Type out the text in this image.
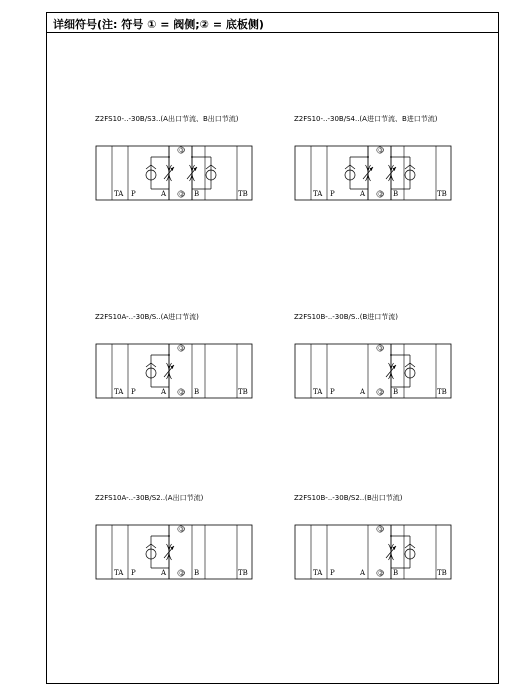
详细符号(注: 符号 ① = 阀侧;② = 底板侧)
Z2FS10-..-30B/S3..(A出口节流、B出口节流)
①
②
TA P	A	B	TB
Z2FS10-..-30B/S4..(A进口节流、B进口节流)
①
②
TA P	A	B	TB
Z2FS10A-..-30B/S..(A进口节流)
①
②
TA P	A	B	TB
Z2FS10B-..-30B/S..(B进口节流)
①
②
TA P	A	B	TB
Z2FS10A-..-30B/S2..(A出口节流)
①
②
TA P	A	B	TB
Z2FS10B-..-30B/S2..(B出口节流)
①
②
TA P	A	B	TB
